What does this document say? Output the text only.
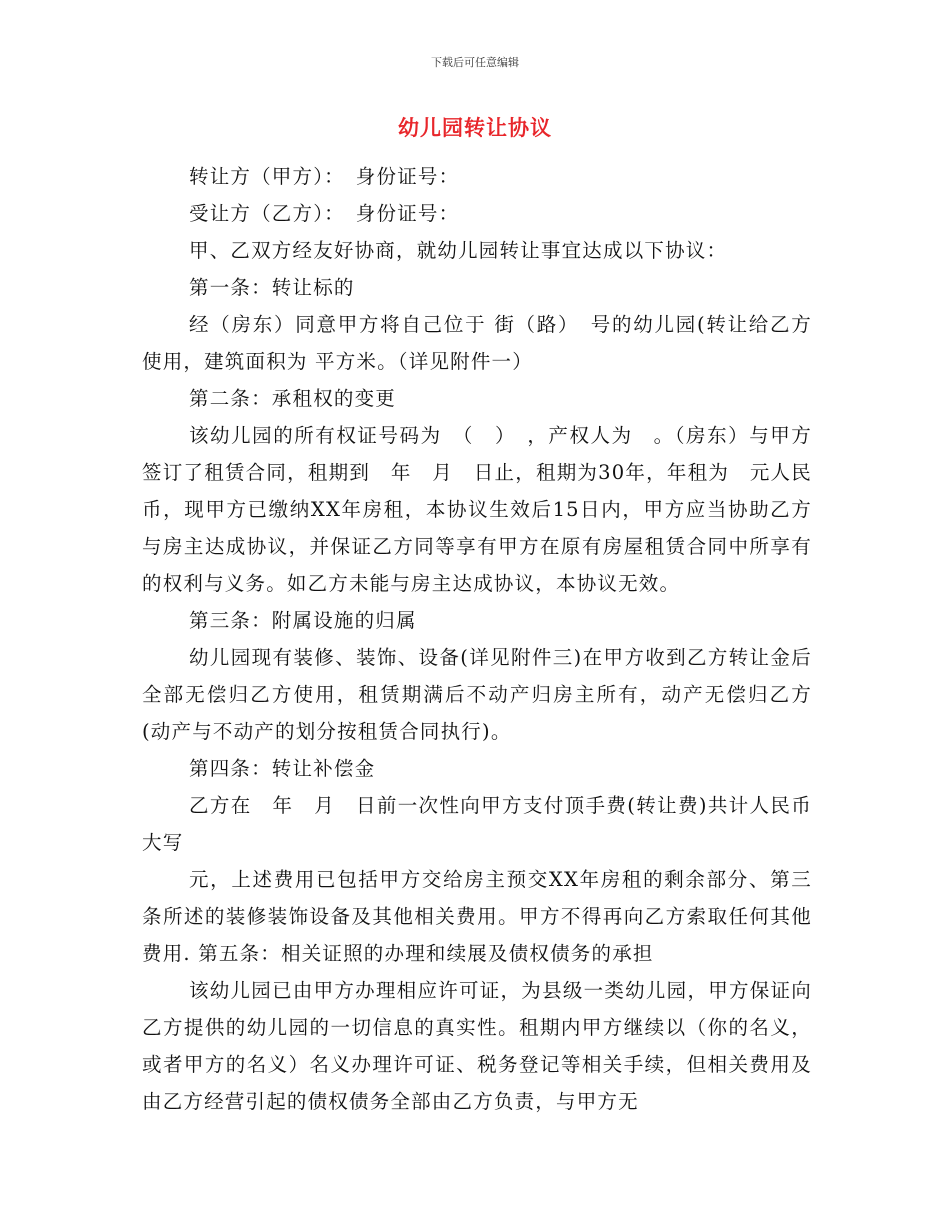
下载后可任意编辑
幼儿园转让协议

转让方（甲方）：　身份证号：

受让方（乙方）：　身份证号：

甲、乙双方经友好协商，就幼儿园转让事宜达成以下协议：

第一条：转让标的

经（房东）同意甲方将自己位于 街（路）　号的幼儿园(转让给乙方使用，建筑面积为 平方米。（详见附件一）

第二条：承租权的变更

该幼儿园的所有权证号码为　（　）　，产权人为　。（房东）与甲方签订了租赁合同，租期到　年　月　日止，租期为30年，年租为　元人民币，现甲方已缴纳XX年房租，本协议生效后15日内，甲方应当协助乙方与房主达成协议，并保证乙方同等享有甲方在原有房屋租赁合同中所享有的权利与义务。如乙方未能与房主达成协议，本协议无效。

第三条：附属设施的归属

幼儿园现有装修、装饰、设备(详见附件三)在甲方收到乙方转让金后全部无偿归乙方使用，租赁期满后不动产归房主所有，动产无偿归乙方(动产与不动产的划分按租赁合同执行)。

第四条：转让补偿金

乙方在　年　月　日前一次性向甲方支付顶手费(转让费)共计人民币大写

元，上述费用已包括甲方交给房主预交XX年房租的剩余部分、第三条所述的装修装饰设备及其他相关费用。甲方不得再向乙方索取任何其他费用. 第五条：相关证照的办理和续展及债权债务的承担

该幼儿园已由甲方办理相应许可证，为县级一类幼儿园，甲方保证向乙方提供的幼儿园的一切信息的真实性。租期内甲方继续以（你的名义，或者甲方的名义）名义办理许可证、税务登记等相关手续，但相关费用及由乙方经营引起的债权债务全部由乙方负责，与甲方无
